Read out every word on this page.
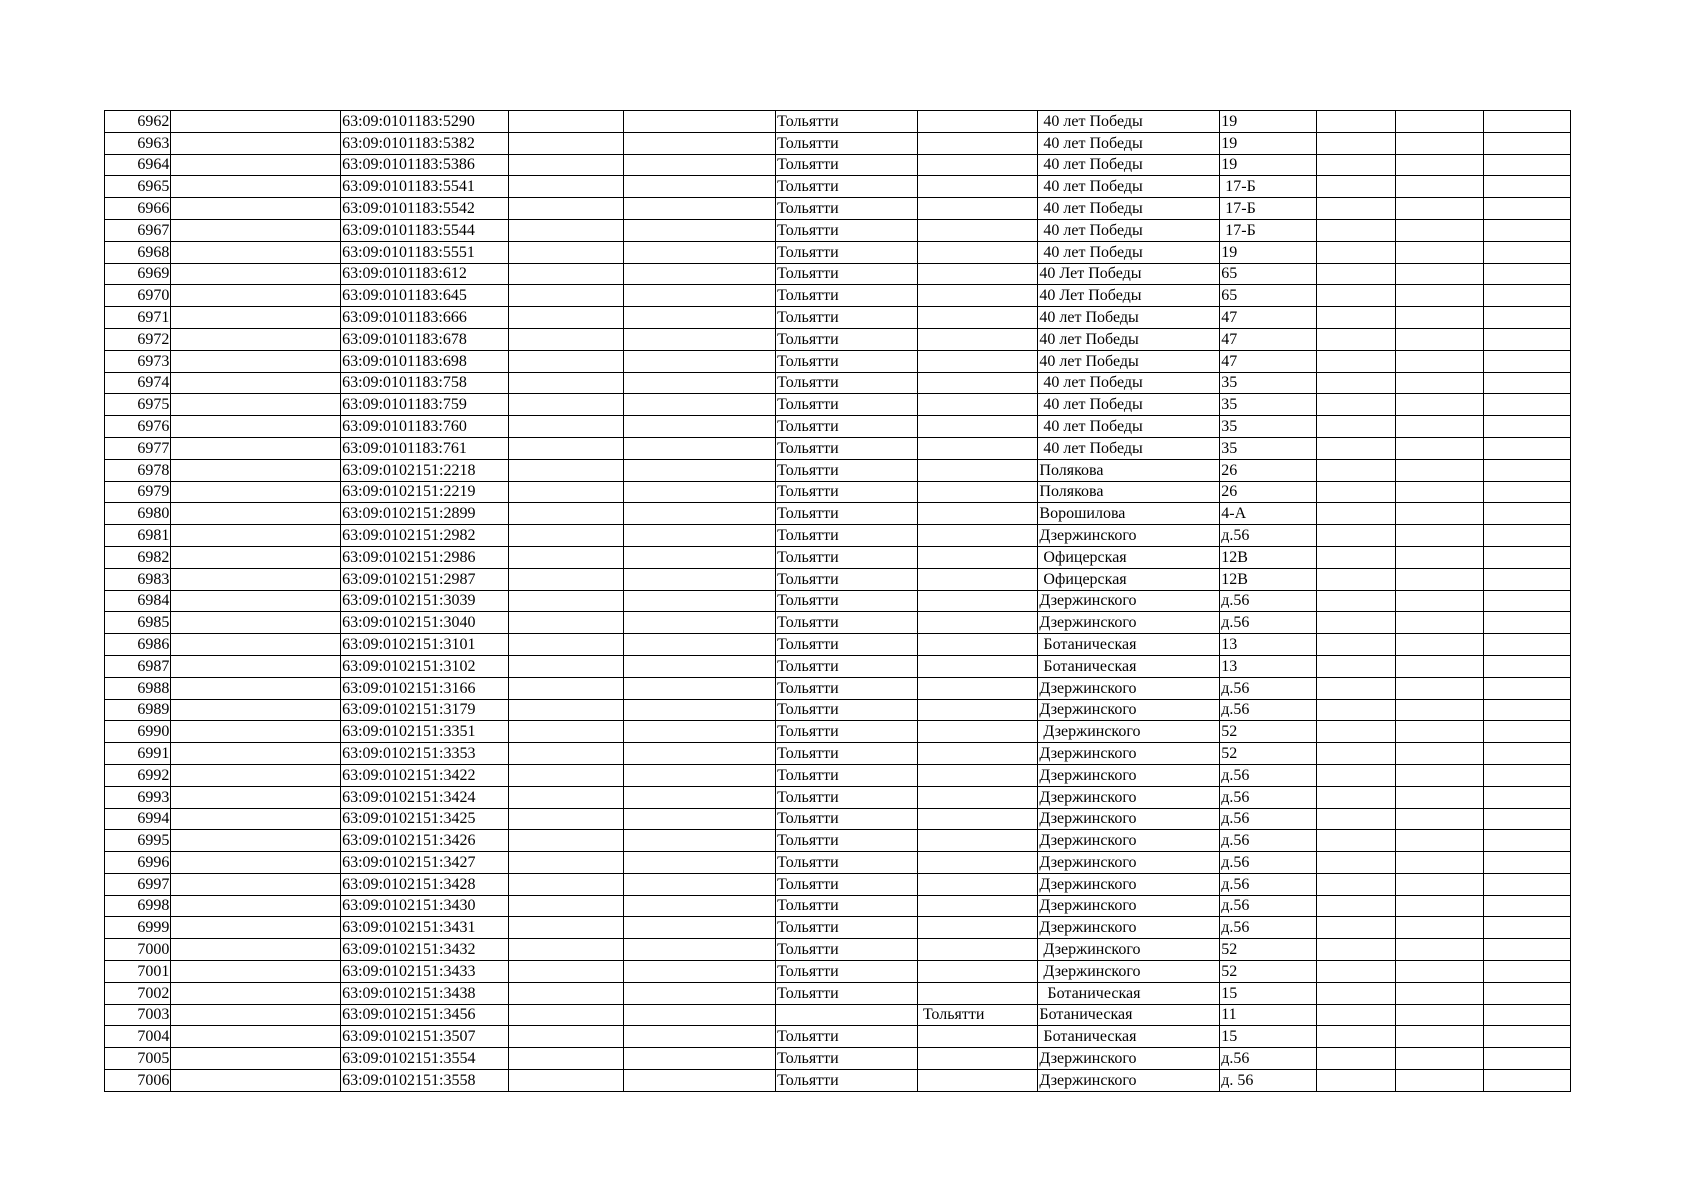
6962		63:09:0101183:5290			Тольятти		40 лет Победы	19			
6963		63:09:0101183:5382			Тольятти		40 лет Победы	19			
6964		63:09:0101183:5386			Тольятти		40 лет Победы	19			
6965		63:09:0101183:5541			Тольятти		40 лет Победы	17-Б			
6966		63:09:0101183:5542			Тольятти		40 лет Победы	17-Б			
6967		63:09:0101183:5544			Тольятти		40 лет Победы	17-Б			
6968		63:09:0101183:5551			Тольятти		40 лет Победы	19			
6969		63:09:0101183:612			Тольятти		40 Лет Победы	65			
6970		63:09:0101183:645			Тольятти		40 Лет Победы	65			
6971		63:09:0101183:666			Тольятти		40 лет Победы	47			
6972		63:09:0101183:678			Тольятти		40 лет Победы	47			
6973		63:09:0101183:698			Тольятти		40 лет Победы	47			
6974		63:09:0101183:758			Тольятти		40 лет Победы	35			
6975		63:09:0101183:759			Тольятти		40 лет Победы	35			
6976		63:09:0101183:760			Тольятти		40 лет Победы	35			
6977		63:09:0101183:761			Тольятти		40 лет Победы	35			
6978		63:09:0102151:2218			Тольятти		Полякова	26			
6979		63:09:0102151:2219			Тольятти		Полякова	26			
6980		63:09:0102151:2899			Тольятти		Ворошилова	4-А			
6981		63:09:0102151:2982			Тольятти		Дзержинского	д.56			
6982		63:09:0102151:2986			Тольятти		Офицерская	12В			
6983		63:09:0102151:2987			Тольятти		Офицерская	12В			
6984		63:09:0102151:3039			Тольятти		Дзержинского	д.56			
6985		63:09:0102151:3040			Тольятти		Дзержинского	д.56			
6986		63:09:0102151:3101			Тольятти		Ботаническая	13			
6987		63:09:0102151:3102			Тольятти		Ботаническая	13			
6988		63:09:0102151:3166			Тольятти		Дзержинского	д.56			
6989		63:09:0102151:3179			Тольятти		Дзержинского	д.56			
6990		63:09:0102151:3351			Тольятти		Дзержинского	52			
6991		63:09:0102151:3353			Тольятти		Дзержинского	52			
6992		63:09:0102151:3422			Тольятти		Дзержинского	д.56			
6993		63:09:0102151:3424			Тольятти		Дзержинского	д.56			
6994		63:09:0102151:3425			Тольятти		Дзержинского	д.56			
6995		63:09:0102151:3426			Тольятти		Дзержинского	д.56			
6996		63:09:0102151:3427			Тольятти		Дзержинского	д.56			
6997		63:09:0102151:3428			Тольятти		Дзержинского	д.56			
6998		63:09:0102151:3430			Тольятти		Дзержинского	д.56			
6999		63:09:0102151:3431			Тольятти		Дзержинского	д.56			
7000		63:09:0102151:3432			Тольятти		Дзержинского	52			
7001		63:09:0102151:3433			Тольятти		Дзержинского	52			
7002		63:09:0102151:3438			Тольятти		Ботаническая	15			
7003		63:09:0102151:3456				Тольятти	Ботаническая	11			
7004		63:09:0102151:3507			Тольятти		Ботаническая	15			
7005		63:09:0102151:3554			Тольятти		Дзержинского	д.56			
7006		63:09:0102151:3558			Тольятти		Дзержинского	д. 56			
